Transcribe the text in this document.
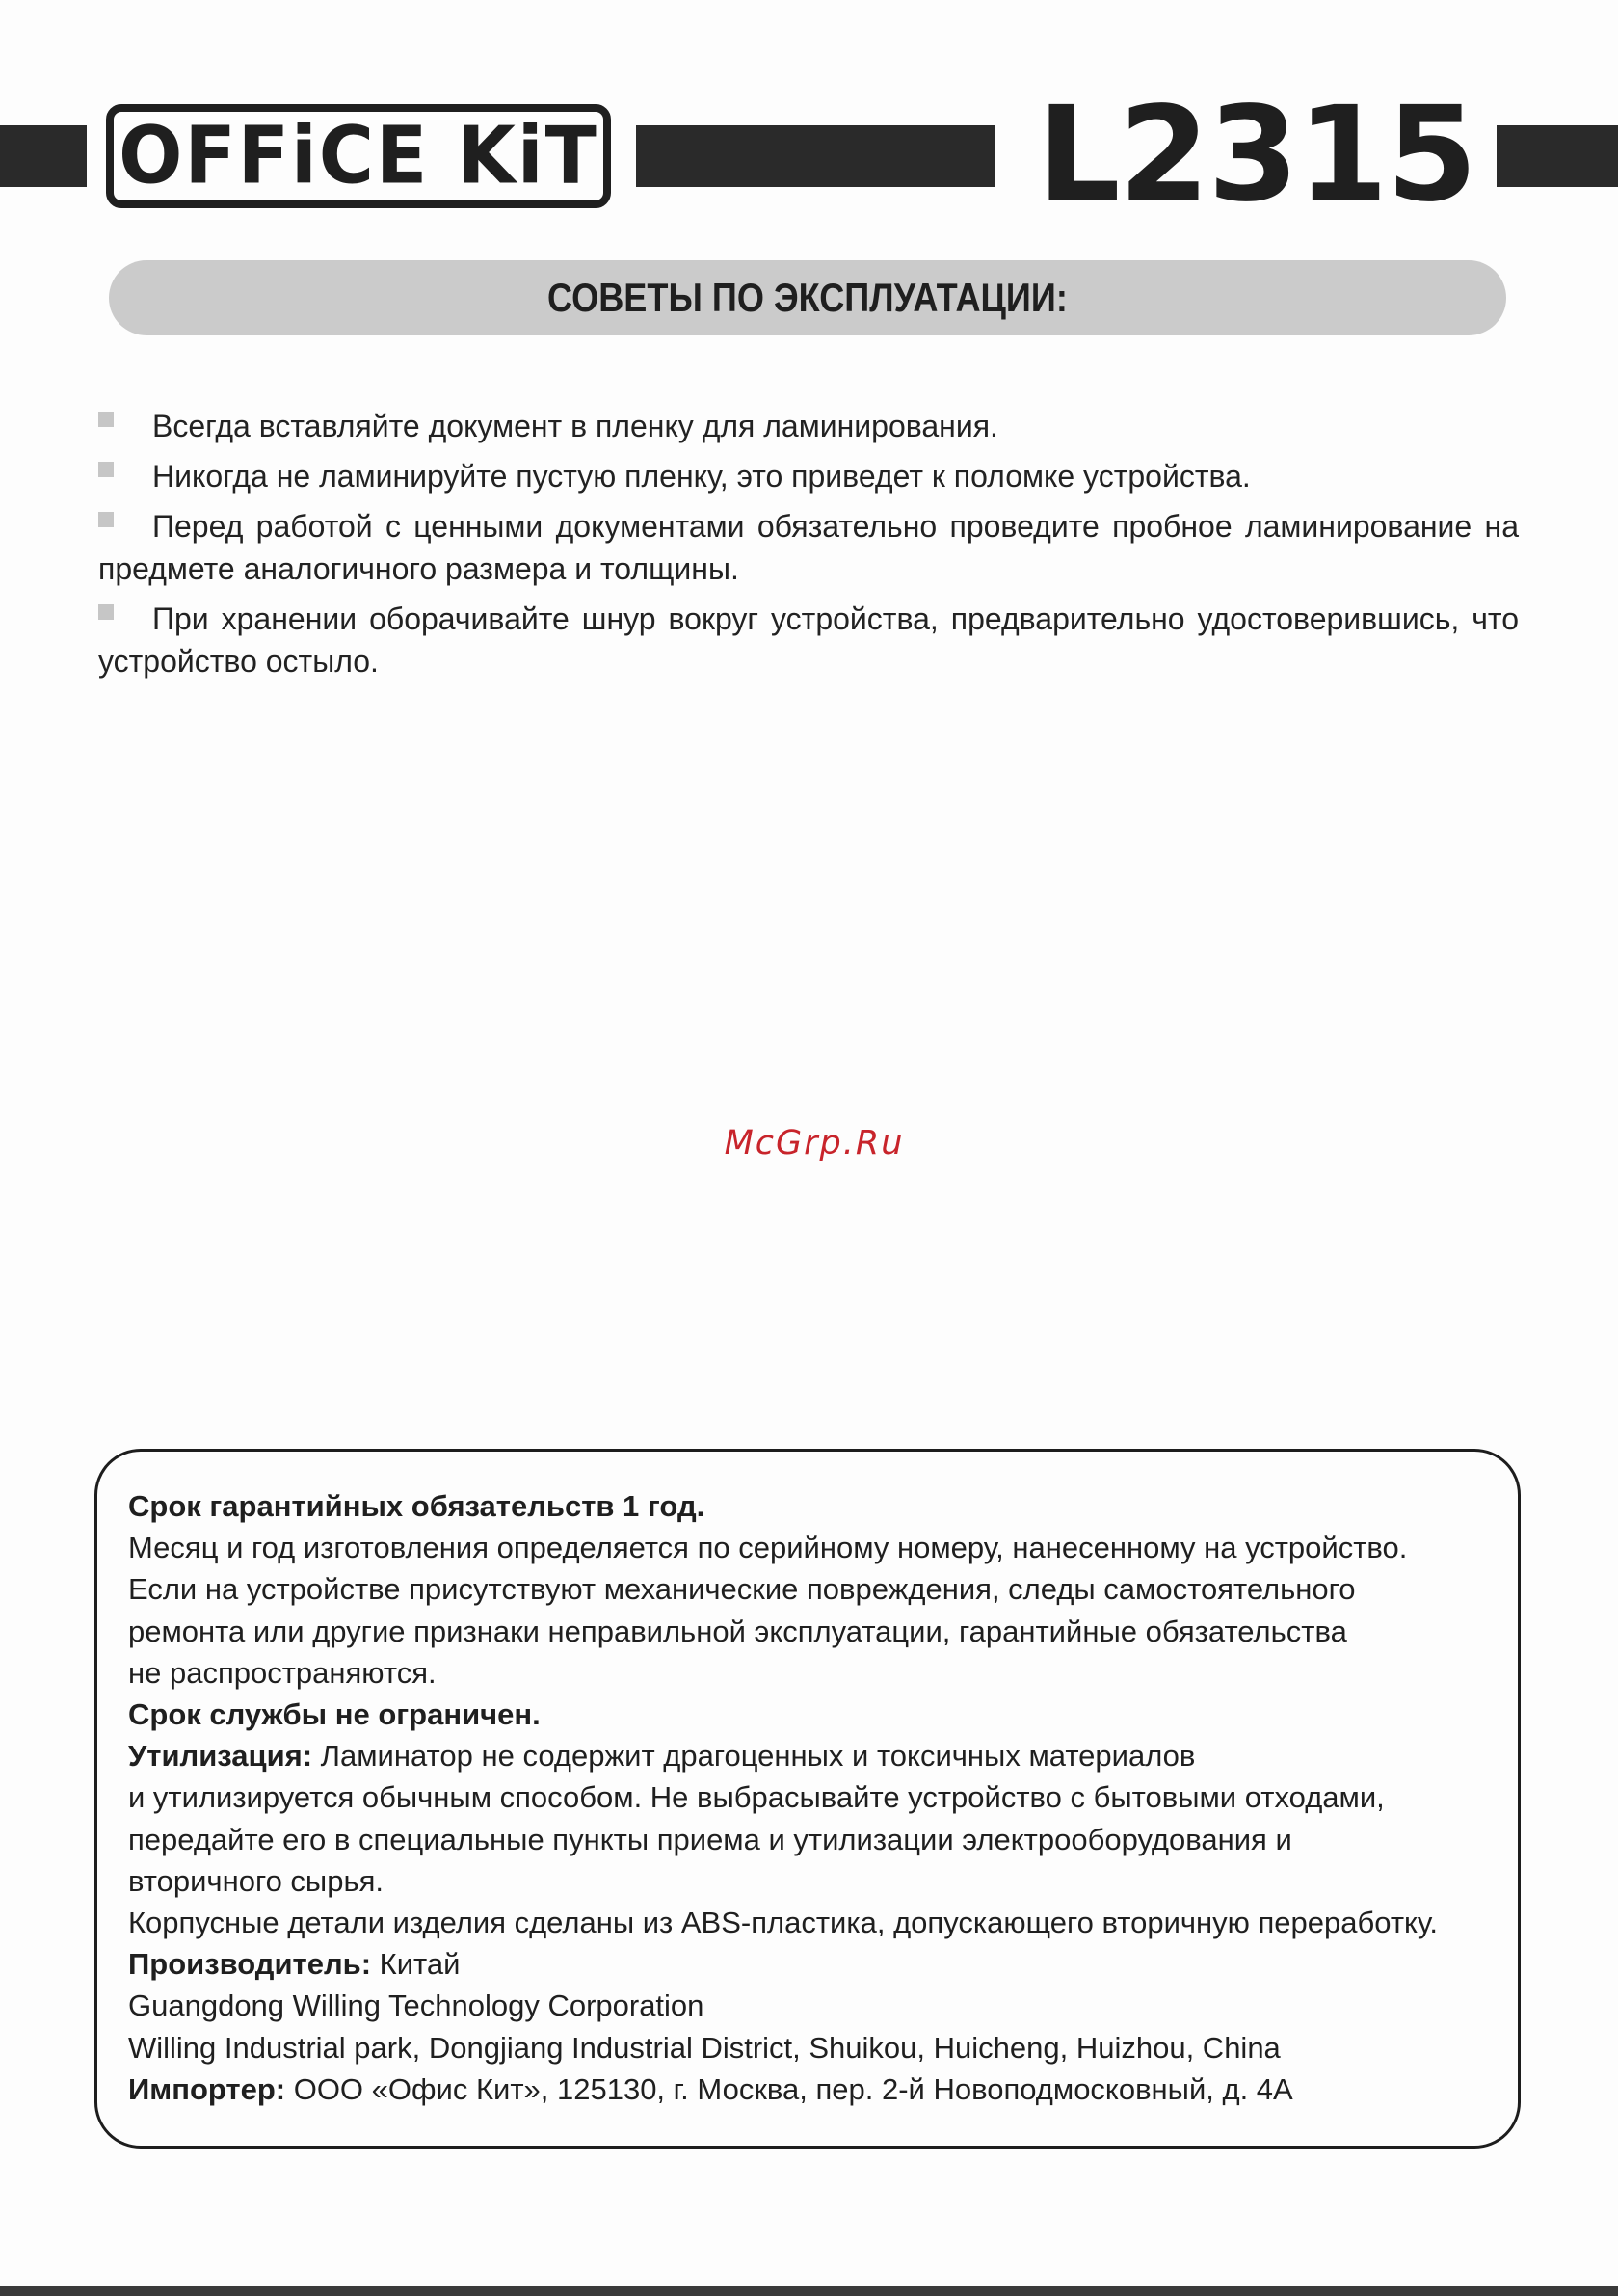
OFFiCE KiT	L2315
СОВЕТЫ ПО ЭКСПЛУАТАЦИИ:
Всегда вставляйте документ в пленку для ламинирования.
Никогда не ламинируйте пустую пленку, это приведет к поломке устройства.
Перед работой с ценными документами обязательно проведите пробное ламинирование на предмете аналогичного размера и толщины.
При хранении оборачивайте шнур вокруг устройства, предварительно удостоверившись, что устройство остыло.
McGrp.Ru
Срок гарантийных обязательств 1 год.
Месяц и год изготовления определяется по серийному номеру, нанесенному на устройство.
Если на устройстве присутствуют механические повреждения, следы самостоятельного
ремонта или другие признаки неправильной эксплуатации, гарантийные обязательства
не распространяются.
Срок службы не ограничен.
Утилизация: Ламинатор не содержит драгоценных и токсичных материалов
и утилизируется обычным способом. Не выбрасывайте устройство с бытовыми отходами,
передайте его в специальные пункты приема и утилизации электрооборудования и
вторичного сырья.
Корпусные детали изделия сделаны из ABS-пластика, допускающего вторичную переработку.
Производитель: Китай
Guangdong Willing Technology Corporation
Willing Industrial park, Dongjiang Industrial District, Shuikou, Huicheng, Huizhou, China
Импортер: ООО «Офис Кит», 125130, г. Москва, пер. 2-й Новоподмосковный, д. 4А
